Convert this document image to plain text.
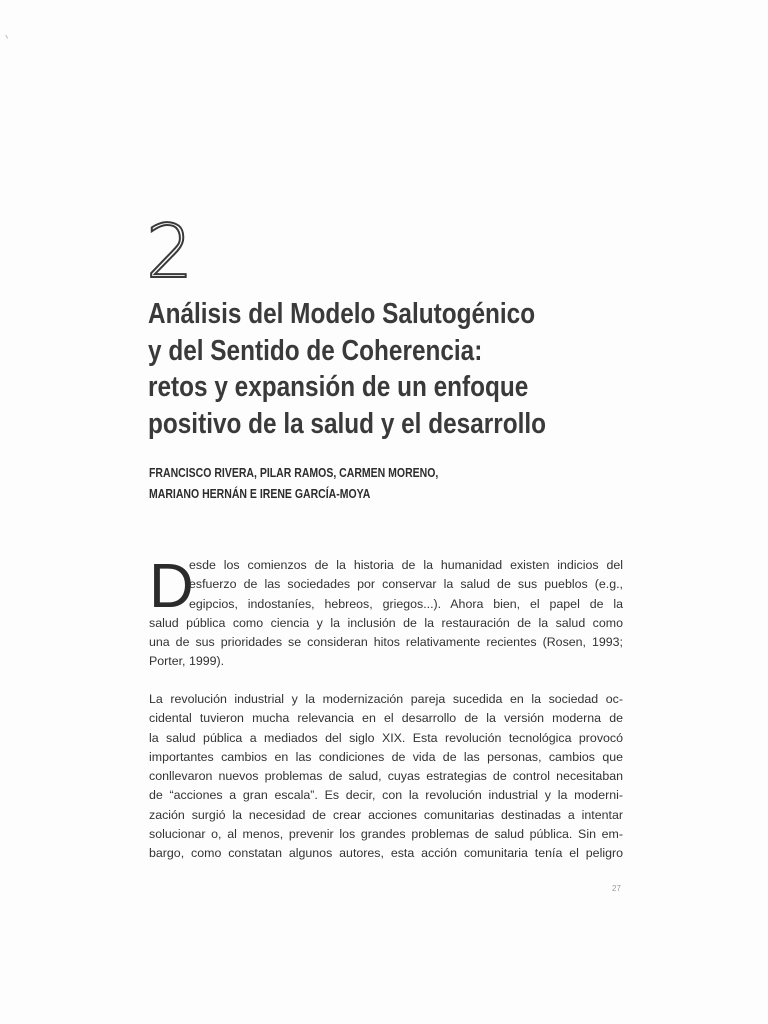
2
Análisis del Modelo Salutogénico
y del Sentido de Coherencia:
retos y expansión de un enfoque
positivo de la salud y el desarrollo
FRANCISCO RIVERA, PILAR RAMOS, CARMEN MORENO,
MARIANO HERNÁN E IRENE GARCÍA-MOYA
D
esde los comienzos de la historia de la humanidad existen indicios del
esfuerzo de las sociedades por conservar la salud de sus pueblos (e.g.,
egipcios, indostaníes, hebreos, griegos...). Ahora bien, el papel de la
salud pública como ciencia y la inclusión de la restauración de la salud como
una de sus prioridades se consideran hitos relativamente recientes (Rosen, 1993;
Porter, 1999).
La revolución industrial y la modernización pareja sucedida en la sociedad oc-
cidental tuvieron mucha relevancia en el desarrollo de la versión moderna de
la salud pública a mediados del siglo XIX. Esta revolución tecnológica provocó
importantes cambios en las condiciones de vida de las personas, cambios que
conllevaron nuevos problemas de salud, cuyas estrategias de control necesitaban
de “acciones a gran escala”. Es decir, con la revolución industrial y la moderni-
zación surgió la necesidad de crear acciones comunitarias destinadas a intentar
solucionar o, al menos, prevenir los grandes problemas de salud pública. Sin em-
bargo, como constatan algunos autores, esta acción comunitaria tenía el peligro
27
